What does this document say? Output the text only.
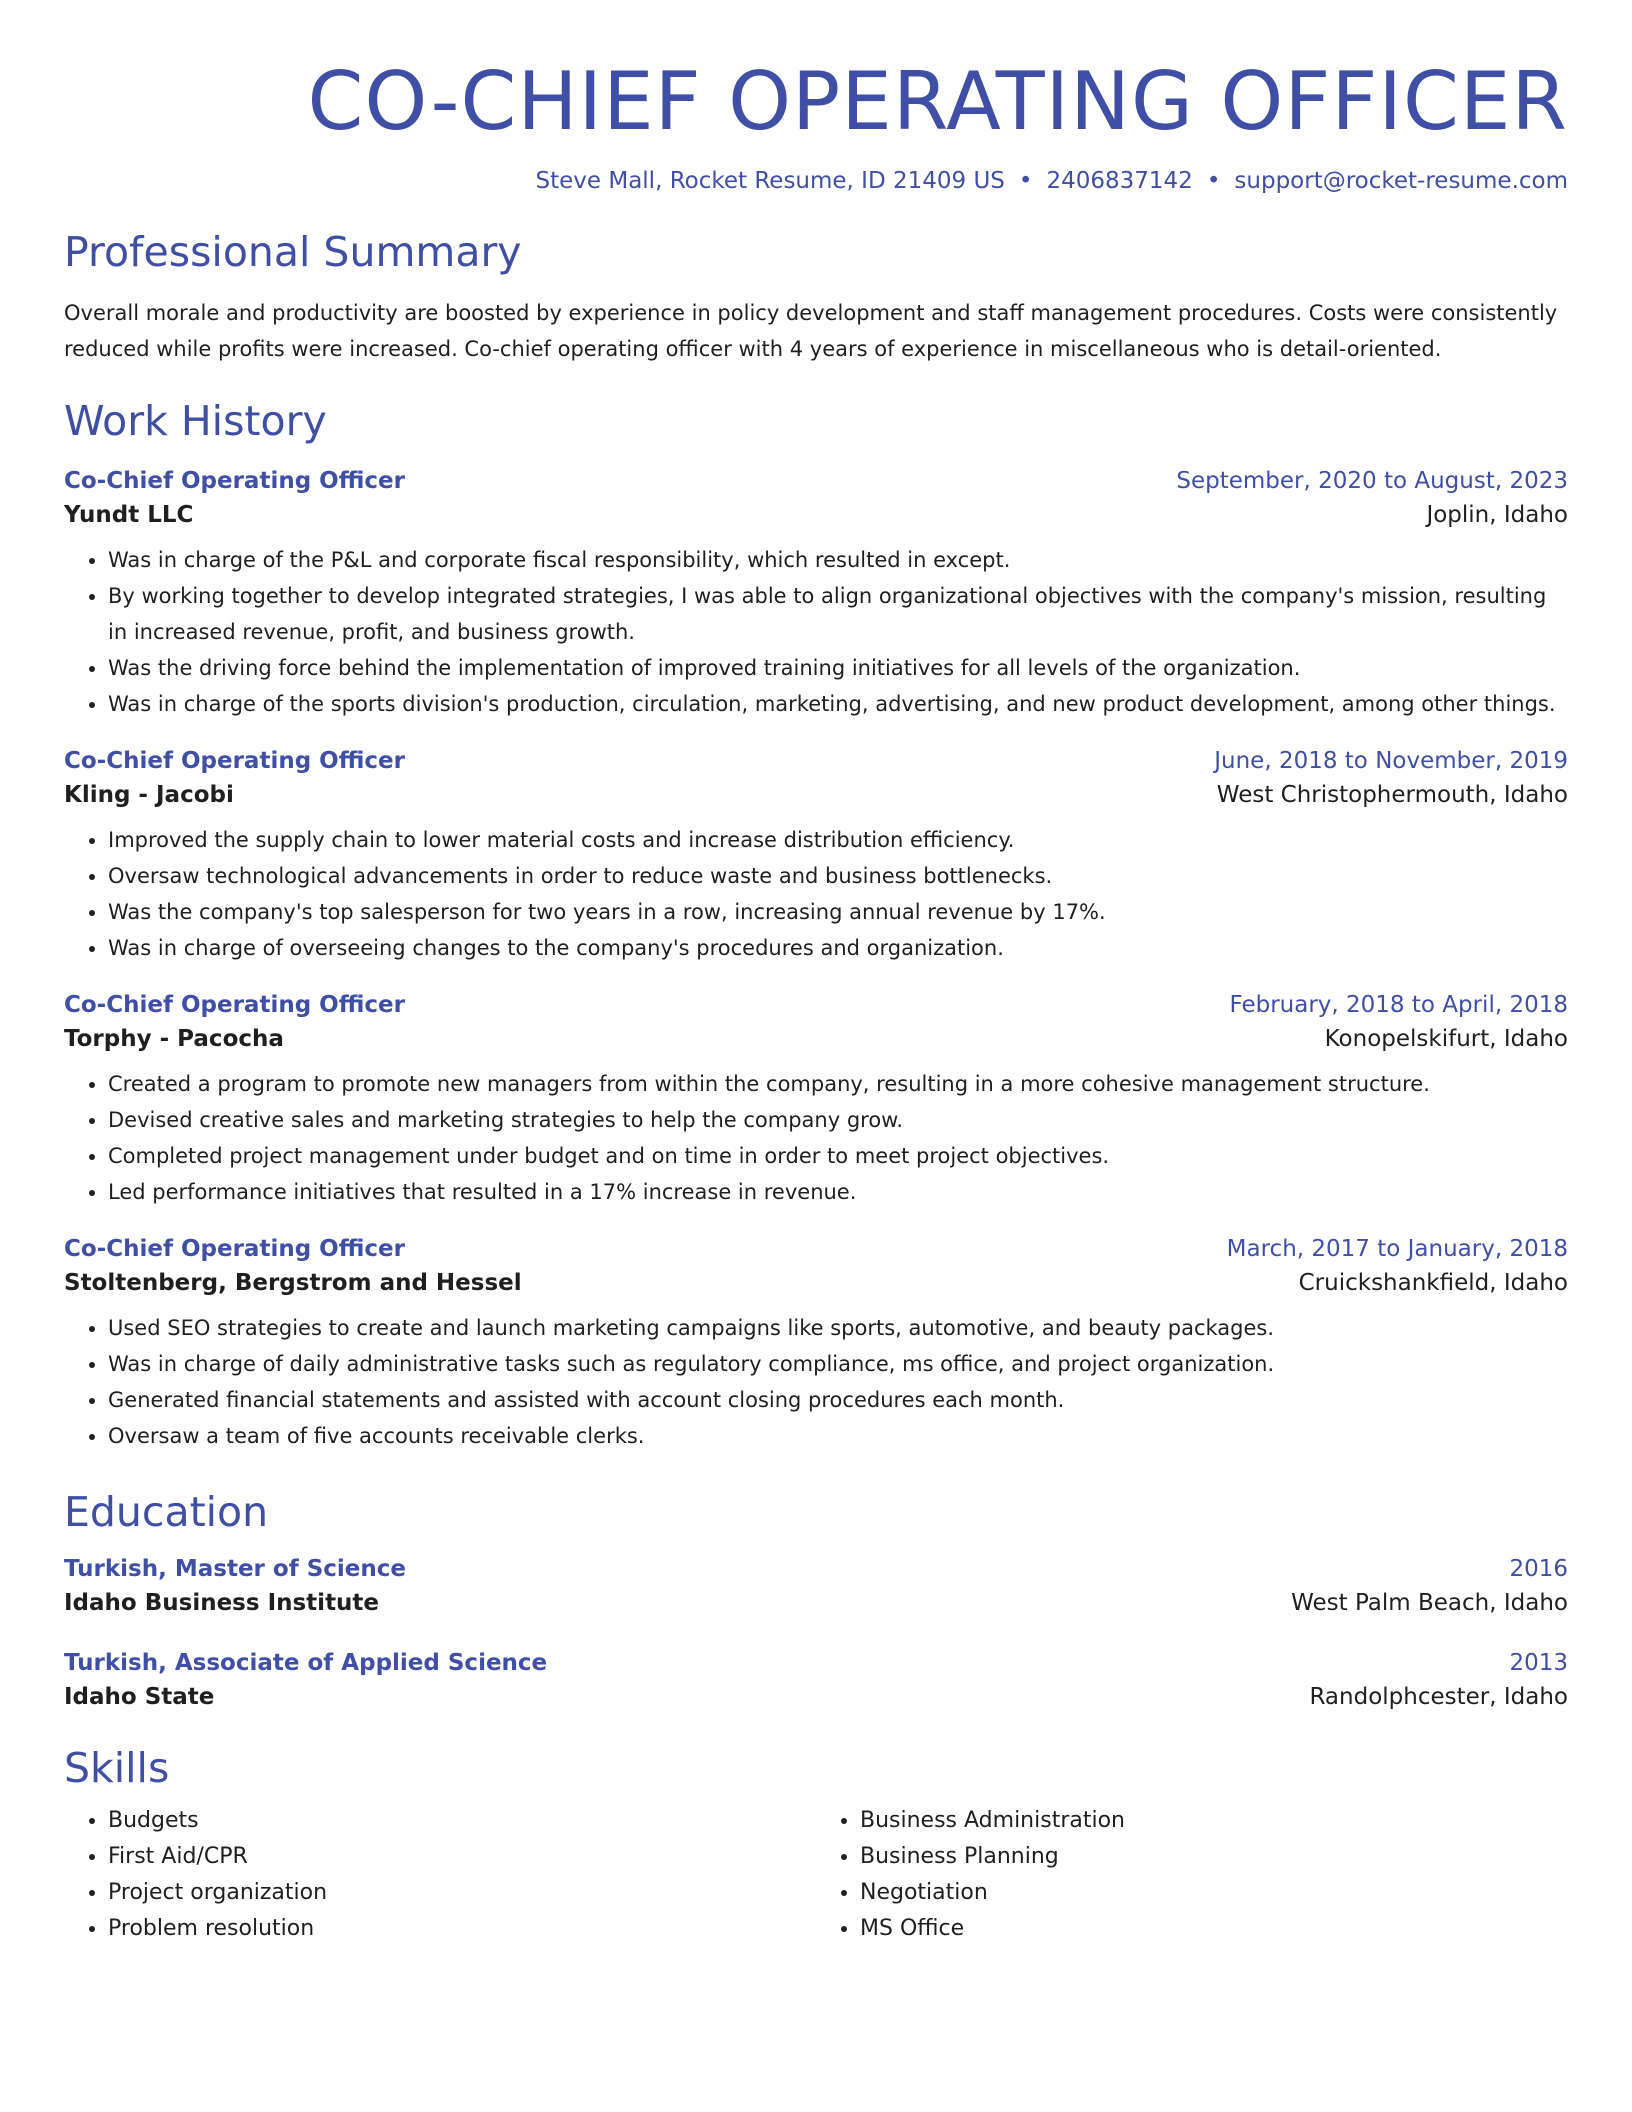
CO-CHIEF OPERATING OFFICER
Steve Mall, Rocket Resume, ID 21409 US • 2406837142 • support@rocket-resume.com
Professional Summary

Overall morale and productivity are boosted by experience in policy development and staff management procedures. Costs were consistently reduced while profits were increased. Co-chief operating officer with 4 years of experience in miscellaneous who is detail-oriented.

Work History
Co-Chief Operating Officer	September, 2020 to August, 2023
Yundt LLC	Joplin, Idaho
• Was in charge of the P&L and corporate fiscal responsibility, which resulted in except.
• By working together to develop integrated strategies, I was able to align organizational objectives with the company's mission, resulting in increased revenue, profit, and business growth.
• Was the driving force behind the implementation of improved training initiatives for all levels of the organization.
• Was in charge of the sports division's production, circulation, marketing, advertising, and new product development, among other things.
Co-Chief Operating Officer	June, 2018 to November, 2019
Kling - Jacobi	West Christophermouth, Idaho
• Improved the supply chain to lower material costs and increase distribution efficiency.
• Oversaw technological advancements in order to reduce waste and business bottlenecks.
• Was the company's top salesperson for two years in a row, increasing annual revenue by 17%.
• Was in charge of overseeing changes to the company's procedures and organization.
Co-Chief Operating Officer	February, 2018 to April, 2018
Torphy - Pacocha	Konopelskifurt, Idaho
• Created a program to promote new managers from within the company, resulting in a more cohesive management structure.
• Devised creative sales and marketing strategies to help the company grow.
• Completed project management under budget and on time in order to meet project objectives.
• Led performance initiatives that resulted in a 17% increase in revenue.
Co-Chief Operating Officer	March, 2017 to January, 2018
Stoltenberg, Bergstrom and Hessel	Cruickshankfield, Idaho
• Used SEO strategies to create and launch marketing campaigns like sports, automotive, and beauty packages.
• Was in charge of daily administrative tasks such as regulatory compliance, ms office, and project organization.
• Generated financial statements and assisted with account closing procedures each month.
• Oversaw a team of five accounts receivable clerks.
Education
Turkish, Master of Science	2016
Idaho Business Institute	West Palm Beach, Idaho
Turkish, Associate of Applied Science	2013
Idaho State	Randolphcester, Idaho
Skills
• Budgets
• First Aid/CPR
• Project organization
• Problem resolution
• Business Administration
• Business Planning
• Negotiation
• MS Office
